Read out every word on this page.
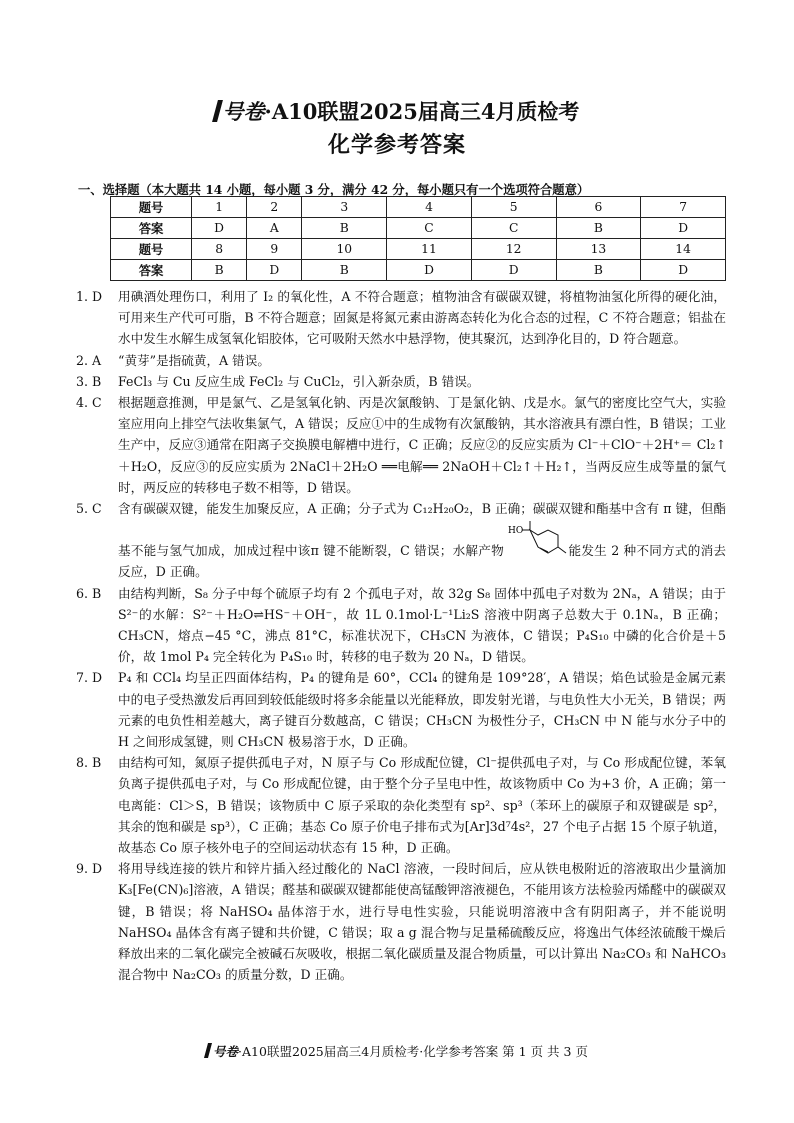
号卷·A10联盟2025届高三4月质检考
化学参考答案
一、选择题（本大题共 14 小题，每小题 3 分，满分 42 分，每小题只有一个选项符合题意）
题号	1	2	3	4	5	6	7
答案	D	A	B	C	C	B	D
题号	8	9	10	11	12	13	14
答案	B	D	B	D	D	B	D
1. D	用碘酒处理伤口，利用了 I₂ 的氧化性，A 不符合题意；植物油含有碳碳双键，将植物油氢化所得的硬化油，可用来生产代可可脂，B 不符合题意；固氮是将氮元素由游离态转化为化合态的过程，C 不符合题意；铝盐在水中发生水解生成氢氧化铝胶体，它可吸附天然水中悬浮物，使其聚沉，达到净化目的，D 符合题意。
2. A	“黄芽”是指硫黄，A 错误。
3. B	FeCl₃ 与 Cu 反应生成 FeCl₂ 与 CuCl₂，引入新杂质，B 错误。
4. C	根据题意推测，甲是氯气、乙是氢氧化钠、丙是次氯酸钠、丁是氯化钠、戊是水。氯气的密度比空气大，实验室应用向上排空气法收集氯气，A 错误；反应①中的生成物有次氯酸钠，其水溶液具有漂白性，B 错误；工业生产中，反应③通常在阳离子交换膜电解槽中进行，C 正确；反应②的反应实质为 Cl⁻＋ClO⁻＋2H⁺＝ Cl₂↑＋H₂O，反应③的反应实质为 2NaCl＋2H₂O ══电解══ 2NaOH＋Cl₂↑＋H₂↑，当两反应生成等量的氯气时，两反应的转移电子数不相等，D 错误。
5. C	含有碳碳双键，能发生加聚反应，A 正确；分子式为 C₁₂H₂₀O₂，B 正确；碳碳双键和酯基中含有 π 键，但酯基不能与氢气加成，加成过程中该π 键不能断裂，C 错误；水解产物
HO
能发生 2 种不同方式的消去反应，D 正确。
6. B	由结构判断，S₈ 分子中每个硫原子均有 2 个孤电子对，故 32g S₈ 固体中孤电子对数为 2Nₐ，A 错误；由于 S²⁻的水解：S²⁻＋H₂O⇌HS⁻＋OH⁻，故 1L 0.1mol·L⁻¹Li₂S 溶液中阴离子总数大于 0.1Nₐ，B 正确；CH₃CN，熔点−45 °C，沸点 81°C，标准状况下，CH₃CN 为液体，C 错误；P₄S₁₀ 中磷的化合价是＋5 价，故 1mol P₄ 完全转化为 P₄S₁₀ 时，转移的电子数为 20 Nₐ，D 错误。
7. D	P₄ 和 CCl₄ 均呈正四面体结构，P₄ 的键角是 60°，CCl₄ 的键角是 109°28′，A 错误；焰色试验是金属元素中的电子受热激发后再回到较低能级时将多余能量以光能释放，即发射光谱，与电负性大小无关，B 错误；两元素的电负性相差越大，离子键百分数越高，C 错误；CH₃CN 为极性分子，CH₃CN 中 N 能与水分子中的 H 之间形成氢键，则 CH₃CN 极易溶于水，D 正确。
8. B	由结构可知，氮原子提供孤电子对，N 原子与 Co 形成配位键，Cl⁻提供孤电子对，与 Co 形成配位键，苯氧负离子提供孤电子对，与 Co 形成配位键，由于整个分子呈电中性，故该物质中 Co 为+3 价，A 正确；第一电离能：Cl＞S，B 错误；该物质中 C 原子采取的杂化类型有 sp²、sp³（苯环上的碳原子和双键碳是 sp²，其余的饱和碳是 sp³），C 正确；基态 Co 原子价电子排布式为[Ar]3d⁷4s²，27 个电子占据 15 个原子轨道，故基态 Co 原子核外电子的空间运动状态有 15 种，D 正确。
9. D	将用导线连接的铁片和锌片插入经过酸化的 NaCl 溶液，一段时间后，应从铁电极附近的溶液取出少量滴加 K₃[Fe(CN)₆]溶液，A 错误；醛基和碳碳双键都能使高锰酸钾溶液褪色，不能用该方法检验丙烯醛中的碳碳双键，B 错误；将 NaHSO₄ 晶体溶于水，进行导电性实验，只能说明溶液中含有阴阳离子，并不能说明 NaHSO₄ 晶体含有离子键和共价键，C 错误；取 a g 混合物与足量稀硫酸反应，将逸出气体经浓硫酸干燥后释放出来的二氧化碳完全被碱石灰吸收，根据二氧化碳质量及混合物质量，可以计算出 Na₂CO₃ 和 NaHCO₃ 混合物中 Na₂CO₃ 的质量分数，D 正确。
号卷·A10联盟2025届高三4月质检考·化学参考答案 第 1 页 共 3 页
